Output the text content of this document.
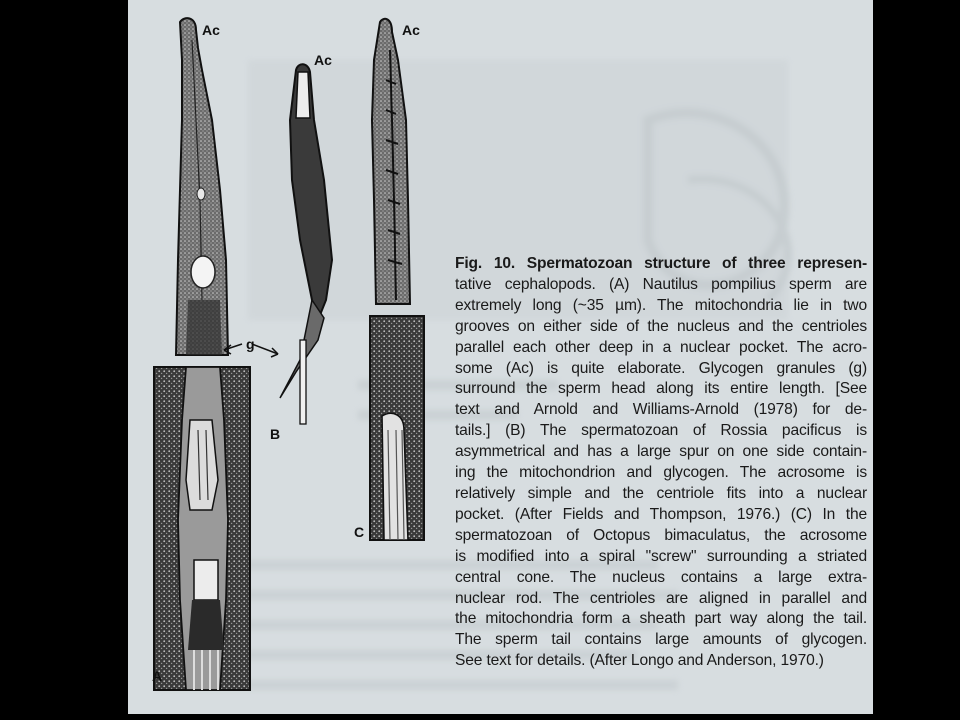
Ac
Ac
Ac
g
A
B
C

Fig. 10. Spermatozoan structure of three represen-

tative cephalopods. (A) Nautilus pompilius sperm are

extremely long (~35 µm). The mitochondria lie in two

grooves on either side of the nucleus and the centrioles

parallel each other deep in a nuclear pocket. The acro-

some (Ac) is quite elaborate. Glycogen granules (g)

surround the sperm head along its entire length. [See

text and Arnold and Williams-Arnold (1978) for de-

tails.] (B) The spermatozoan of Rossia pacificus is

asymmetrical and has a large spur on one side contain-

ing the mitochondrion and glycogen. The acrosome is

relatively simple and the centriole fits into a nuclear

pocket. (After Fields and Thompson, 1976.) (C) In the

spermatozoan of Octopus bimaculatus, the acrosome

is modified into a spiral "screw" surrounding a striated

central cone. The nucleus contains a large extra-

nuclear rod. The centrioles are aligned in parallel and

the mitochondria form a sheath part way along the tail.

The sperm tail contains large amounts of glycogen.

See text for details. (After Longo and Anderson, 1970.)
